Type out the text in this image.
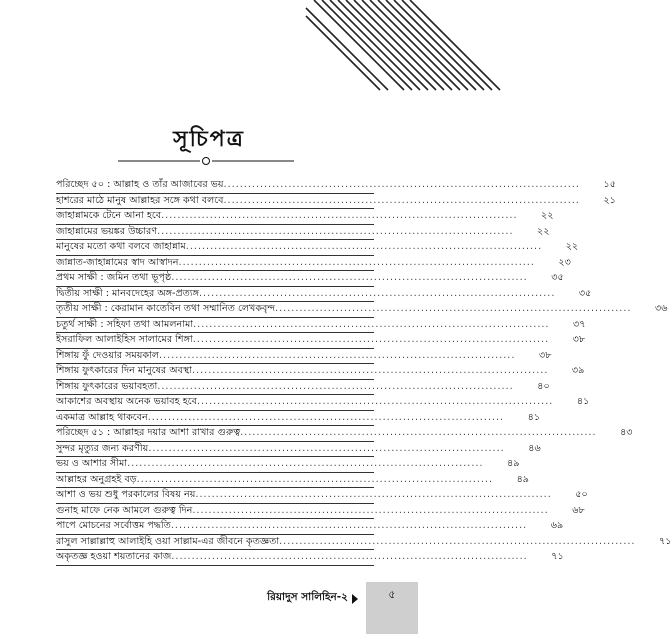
সূচিপত্র
পরিচ্ছেদ ৫০ : আল্লাহ ও তাঁর আজাবের ভয় .....	১৫
হাশরের মাঠে মানুষ আল্লাহর সঙ্গে কথা বলবে .....	২১
জাহান্নামকে টেনে আনা হবে .....	২২
জাহান্নামের ভয়ঙ্কর উচ্চারণ .....	২২
মানুষের মতো কথা বলবে জাহান্নাম .....	২২
জান্নাত-জাহান্নামের স্বাদ আস্বাদন .....	২৩
প্রথম সাক্ষী : জমিন তথা ভূপৃষ্ঠ .....	৩৫
দ্বিতীয় সাক্ষী : মানবদেহের অঙ্গ-প্রত্যঙ্গ .....	৩৫
তৃতীয় সাক্ষী : কেরামান কাতেবিন তথা সম্মানিত লেখকবৃন্দ .....	৩৬
চতুর্থ সাক্ষী : সহিফা তথা আমলনামা .....	৩৭
ইসরাফিল আলাইহিস সালামের শিঙ্গা .....	৩৮
শিঙ্গায় ফুঁ দেওয়ার সময়কাল .....	৩৮
শিঙ্গায় ফুৎকারের দিন মানুষের অবস্থা .....	৩৯
শিঙ্গায় ফুৎকারের ভয়াবহতা .....	৪০
আকাশের অবস্থায় অনেক ভয়াবহ হবে .....	৪১
একমাত্র আল্লাহ থাকবেন .....	৪১
পরিচ্ছেদ ৫১ : আল্লাহর দয়ার আশা রাখার গুরুত্ব .....	৪৩
সুন্দর মৃত্যুর জন্য করণীয় .....	৪৬
ভয় ও আশার সীমা .....	৪৯
আল্লাহর অনুগ্রহই বড় .....	৪৯
আশা ও ভয় শুধু পরকালের বিষয় নয় .....	৫০
গুনাহ মাফে নেক আমলে গুরুত্ব দিন .....	৬৮
পাপে মোচনের সর্বোত্তম পদ্ধতি .....	৬৯
রাসুল সাল্লাল্লাহু আলাইহি ওয়া সাল্লাম-এর জীবনে কৃতজ্ঞতা .....	৭১
অকৃতজ্ঞ হওয়া শয়তানের কাজ .....	৭১
রিয়াদুস সালিহিন-২	৫
